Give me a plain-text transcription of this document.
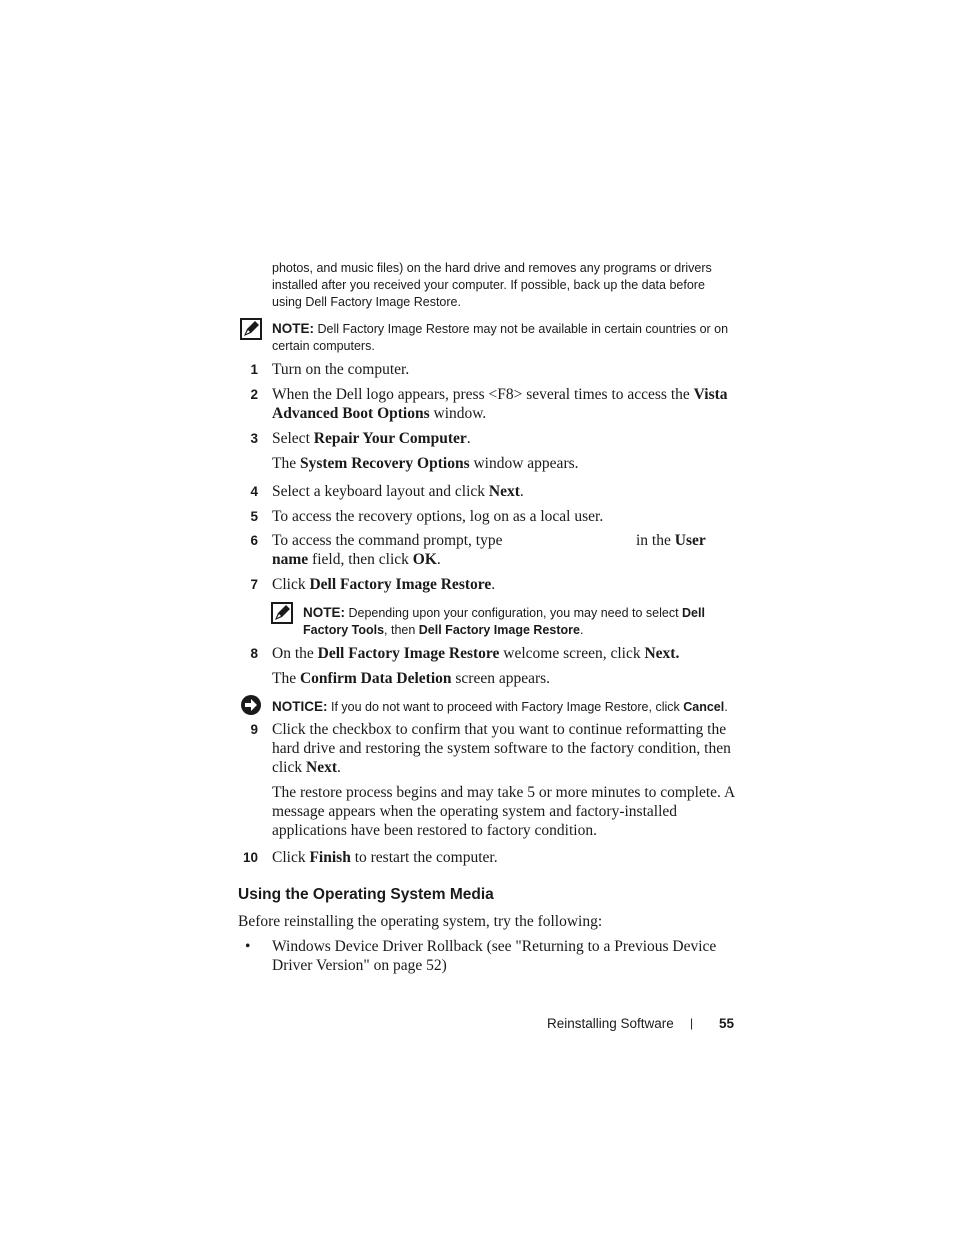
photos, and music files) on the hard drive and removes any programs or drivers
installed after you received your computer. If possible, back up the data before
using Dell Factory Image Restore.
NOTE: Dell Factory Image Restore may not be available in certain countries or on
certain computers.
1 Turn on the computer.
2 When the Dell logo appears, press <F8> several times to access the Vista
Advanced Boot Options window.
3 Select Repair Your Computer.
The System Recovery Options window appears.
4 Select a keyboard layout and click Next.
5 To access the recovery options, log on as a local user.
6 To access the command prompt, type	in the User
name field, then click OK.
7 Click Dell Factory Image Restore.
NOTE: Depending upon your configuration, you may need to select Dell
Factory Tools, then Dell Factory Image Restore.
8 On the Dell Factory Image Restore welcome screen, click Next.
The Confirm Data Deletion screen appears.
NOTICE: If you do not want to proceed with Factory Image Restore, click Cancel.
9 Click the checkbox to confirm that you want to continue reformatting the
hard drive and restoring the system software to the factory condition, then
click Next.
The restore process begins and may take 5 or more minutes to complete. A
message appears when the operating system and factory-installed
applications have been restored to factory condition.
10 Click Finish to restart the computer.
Using the Operating System Media
Before reinstalling the operating system, try the following:
• Windows Device Driver Rollback (see "Returning to a Previous Device
Driver Version" on page 52)
Reinstalling Software | 55
